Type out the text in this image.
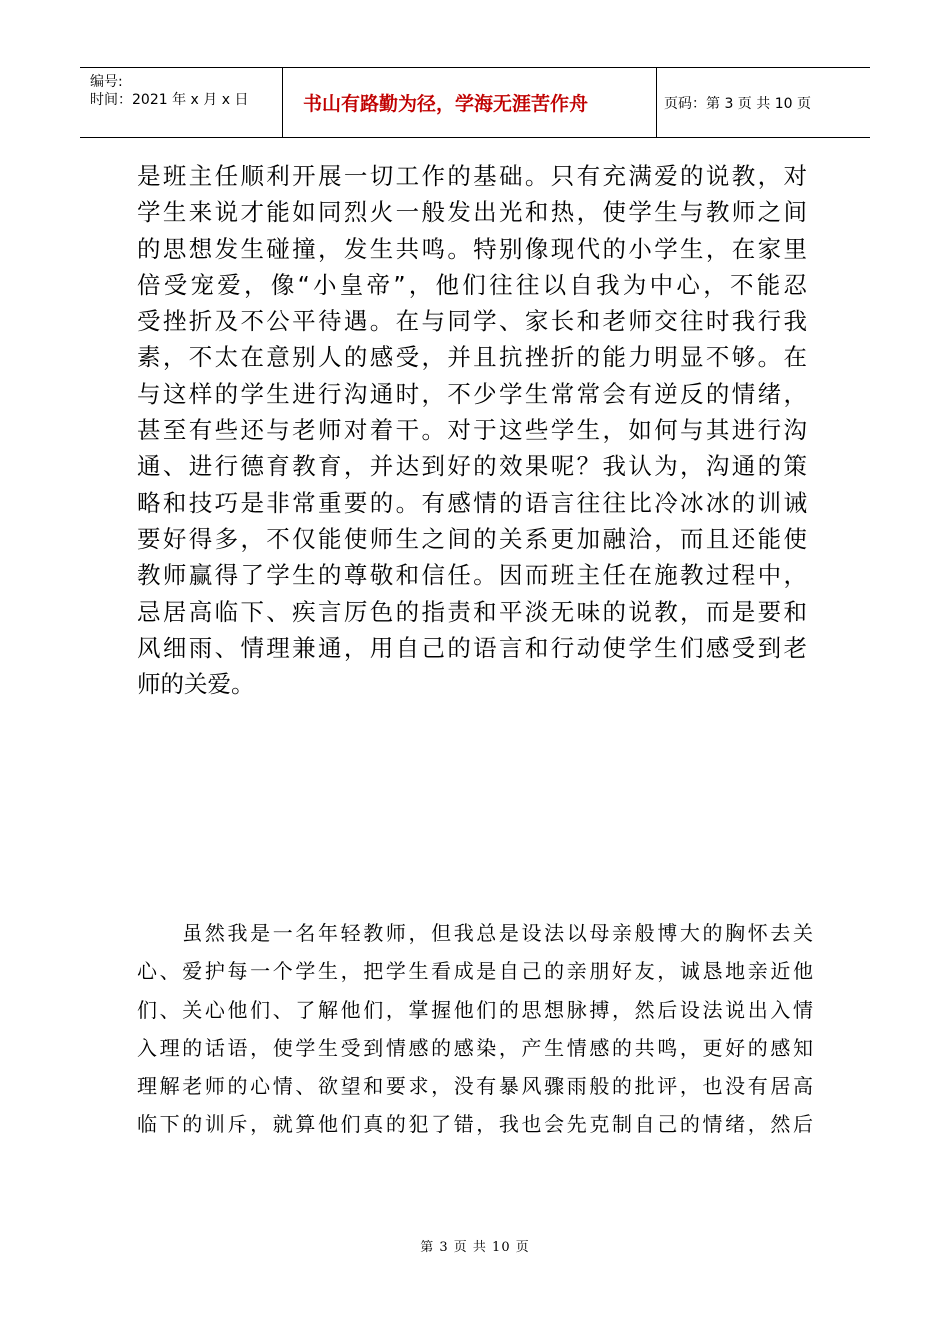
编号:
时间：2021 年 x 月 x 日	书山有路勤为径，学海无涯苦作舟	页码：第 3 页 共 10 页
是班主任顺利开展一切工作的基础。只有充满爱的说教，对
学生来说才能如同烈火一般发出光和热，使学生与教师之间
的思想发生碰撞，发生共鸣。特别像现代的小学生，在家里
倍受宠爱，像“小皇帝”，他们往往以自我为中心，不能忍
受挫折及不公平待遇。在与同学、家长和老师交往时我行我
素，不太在意别人的感受，并且抗挫折的能力明显不够。在
与这样的学生进行沟通时，不少学生常常会有逆反的情绪，
甚至有些还与老师对着干。对于这些学生，如何与其进行沟
通、进行德育教育，并达到好的效果呢？我认为，沟通的策
略和技巧是非常重要的。有感情的语言往往比冷冰冰的训诫
要好得多，不仅能使师生之间的关系更加融洽，而且还能使
教师赢得了学生的尊敬和信任。因而班主任在施教过程中，
忌居高临下、疾言厉色的指责和平淡无味的说教，而是要和
风细雨、情理兼通，用自己的语言和行动使学生们感受到老
师的关爱。
　　虽然我是一名年轻教师，但我总是设法以母亲般博大的胸怀去关
心、爱护每一个学生，把学生看成是自己的亲朋好友，诚恳地亲近他
们、关心他们、了解他们，掌握他们的思想脉搏，然后设法说出入情
入理的话语，使学生受到情感的感染，产生情感的共鸣，更好的感知
理解老师的心情、欲望和要求，没有暴风骤雨般的批评，也没有居高
临下的训斥，就算他们真的犯了错，我也会先克制自己的情绪，然后
第 3 页 共 10 页
